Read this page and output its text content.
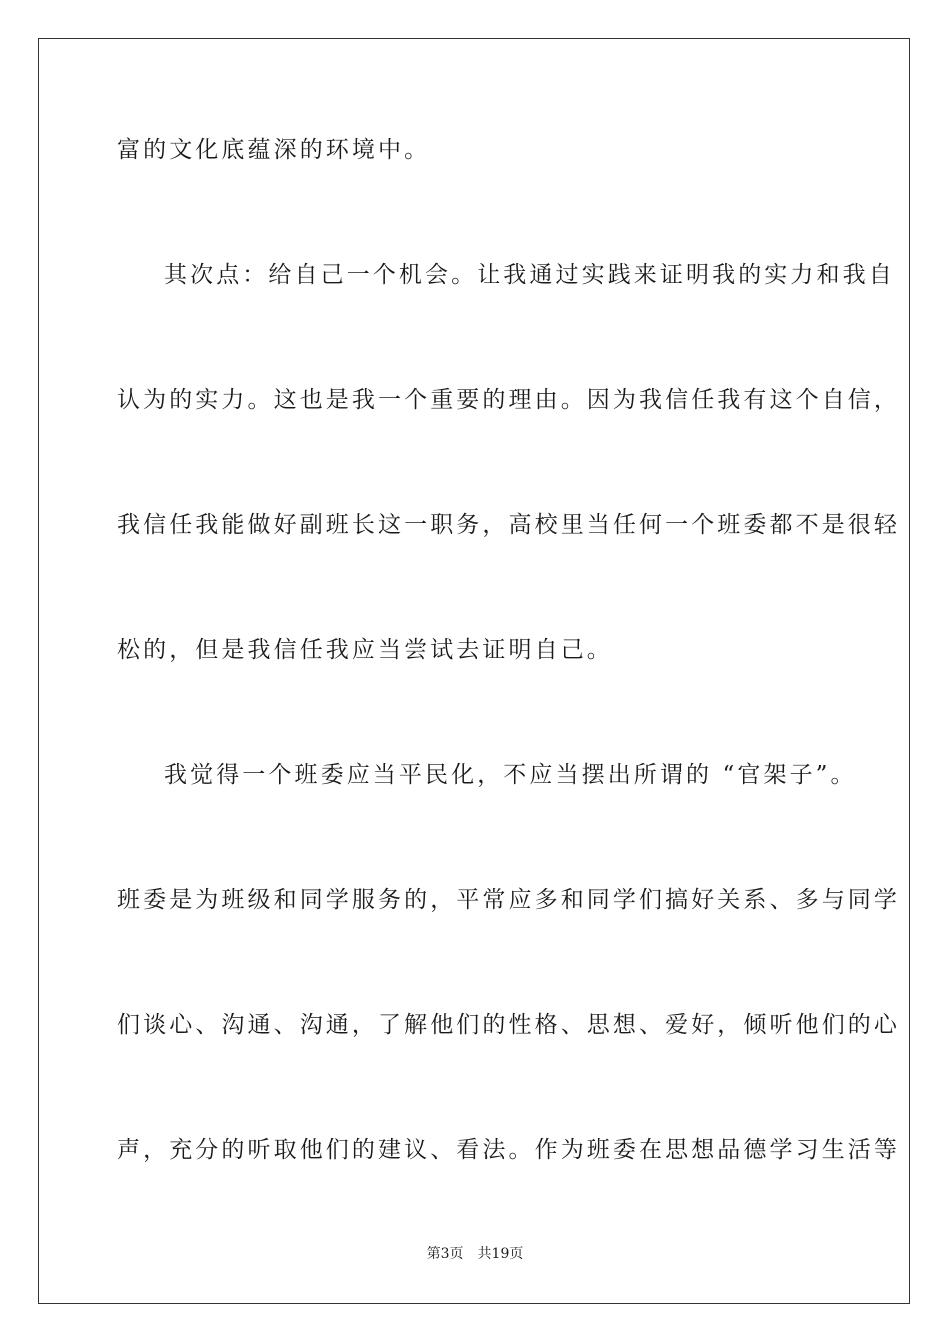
富的文化底蕴深的环境中。
其次点：给自己一个机会。让我通过实践来证明我的实力和我自
认为的实力。这也是我一个重要的理由。因为我信任我有这个自信，
我信任我能做好副班长这一职务，高校里当任何一个班委都不是很轻
松的，但是我信任我应当尝试去证明自己。
我觉得一个班委应当平民化，不应当摆出所谓的 “官架子”。
班委是为班级和同学服务的，平常应多和同学们搞好关系、多与同学
们谈心、沟通、沟通，了解他们的性格、思想、爱好，倾听他们的心
声，充分的听取他们的建议、看法。作为班委在思想品德学习生活等
第3页 共19页
